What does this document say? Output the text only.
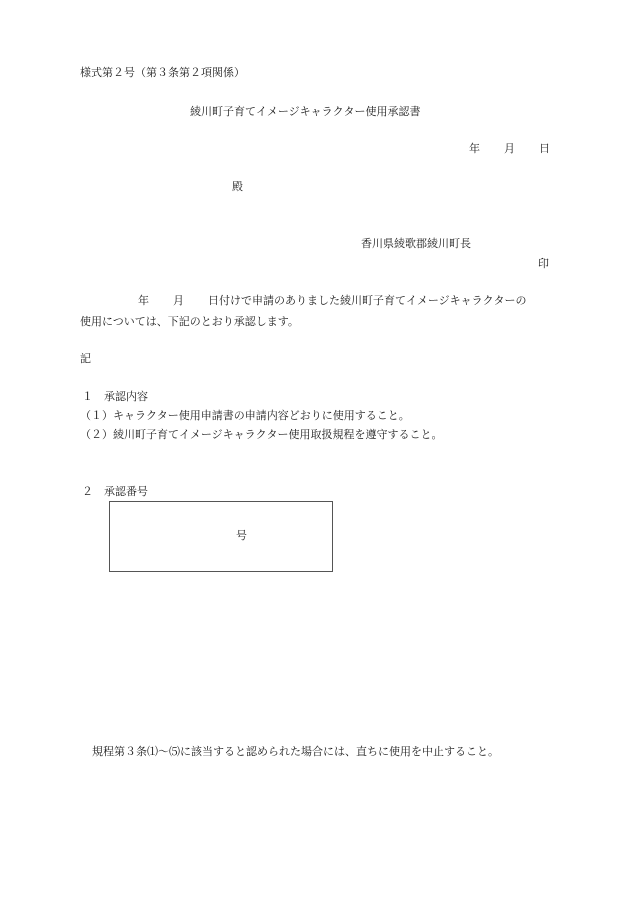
様式第２号（第３条第２項関係）
綾川町子育てイメージキャラクター使用承認書
年 月 日
殿
香川県綾歌郡綾川町長
印
年 月 日付けで申請のありました綾川町子育てイメージキャラクターの
使用については、下記のとおり承認します。
記
１　承認内容
（１）キャラクター使用申請書の申請内容どおりに使用すること。
（２）綾川町子育てイメージキャラクター使用取扱規程を遵守すること。
２　承認番号
号
規程第３条⑴～⑸に該当すると認められた場合には、直ちに使用を中止すること。
